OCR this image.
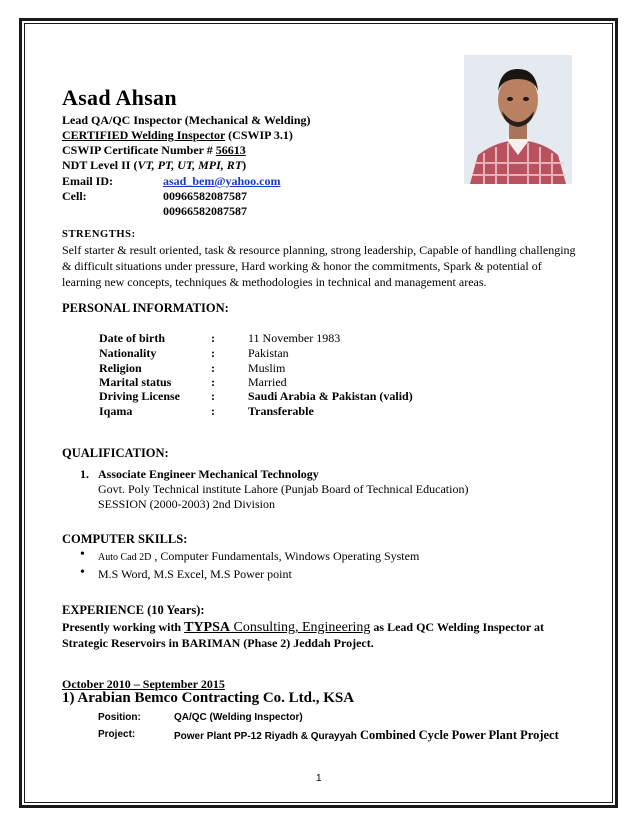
Asad Ahsan
Lead QA/QC Inspector (Mechanical & Welding)
CERTIFIED Welding Inspector (CSWIP 3.1)
CSWIP Certificate Number # 56613
NDT Level II (VT, PT, UT, MPI, RT)
Email ID:	asad_bem@yahoo.com
Cell:	00966582087587
00966582087587
STRENGTHS:
Self starter & result oriented, task & resource planning, strong leadership, Capable of handling challenging & difficult situations under pressure, Hard working & honor the commitments, Spark & potential of learning new concepts, techniques & methodologies in technical and management areas.
PERSONAL INFORMATION:
Date of birth	:	11 November 1983
Nationality	:	Pakistan
Religion	:	Muslim
Marital status	:	Married
Driving License	:	Saudi Arabia & Pakistan (valid)
Iqama	:	Transferable
QUALIFICATION:
1. Associate Engineer Mechanical Technology
Govt. Poly Technical institute Lahore (Punjab Board of Technical Education)
SESSION (2000-2003) 2nd Division
COMPUTER SKILLS:
• Auto Cad 2D , Computer Fundamentals, Windows Operating System
• M.S Word, M.S Excel, M.S Power point
EXPERIENCE (10 Years):
Presently working with TYPSA Consulting, Engineering as Lead QC Welding Inspector at
Strategic Reservoirs in BARIMAN (Phase 2) Jeddah Project.
October 2010 – September 2015
1) Arabian Bemco Contracting Co. Ltd., KSA
Position:	QA/QC (Welding Inspector)
Project:	Power Plant PP-12 Riyadh & Qurayyah Combined Cycle Power Plant Project
1
